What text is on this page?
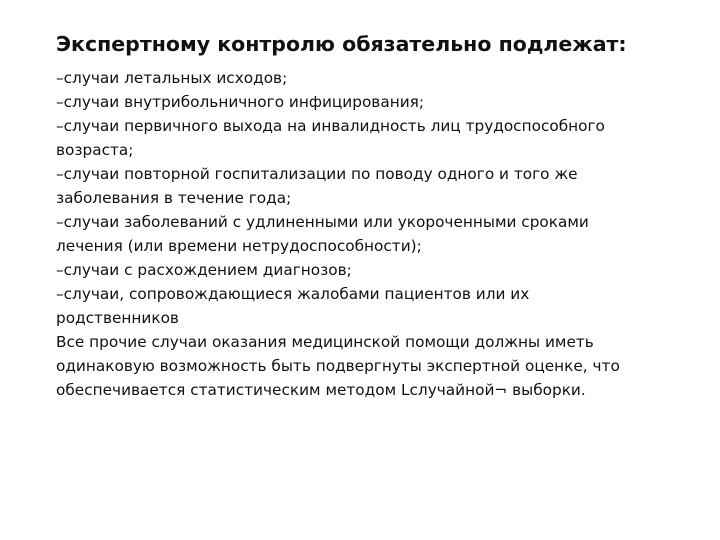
Экспертному контролю обязательно подлежат:
–случаи летальных исходов;
–случаи внутрибольничного инфицирования;
–случаи первичного выхода на инвалидность лиц трудоспособного
возраста;
–случаи повторной госпитализации по поводу одного и того же
заболевания в течение года;
–случаи заболеваний с удлиненными или укороченными сроками
лечения (или времени нетрудоспособности);
–случаи с расхождением диагнозов;
–случаи, сопровождающиеся жалобами пациентов или их
родственников
Все прочие случаи оказания медицинской помощи должны иметь
одинаковую возможность быть подвергнуты экспертной оценке, что
обеспечивается статистическим методом Lслучайной¬ выборки.
